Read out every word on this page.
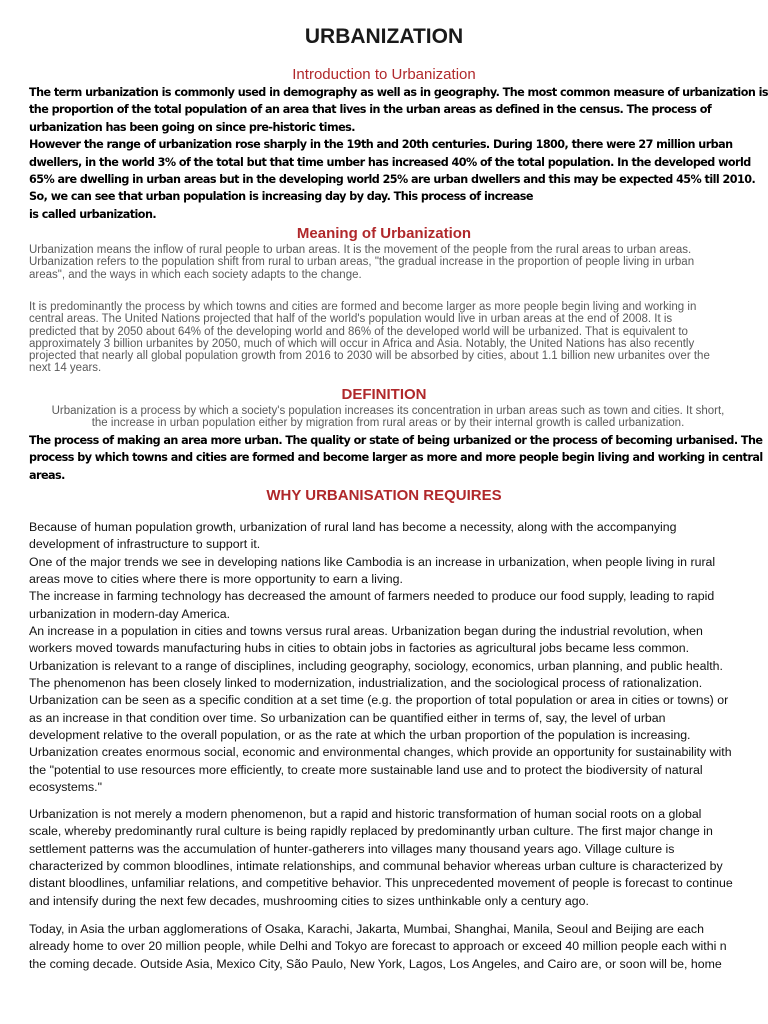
URBANIZATION
Introduction to Urbanization
The term urbanization is commonly used in demography as well as in geography. The most common measure of urbanization is
the proportion of the total population of an area that lives in the urban areas as defined in the census. The process of
urbanization has been going on since pre-historic times.
However the range of urbanization rose sharply in the 19th and 20th centuries. During 1800, there were 27 million urban
dwellers, in the world 3% of the total but that time umber has increased 40% of the total population. In the developed world
65% are dwelling in urban areas but in the developing world 25% are urban dwellers and this may be expected 45% till 2010.
So, we can see that urban population is increasing day by day. This process of increase
is called urbanization.
Meaning of Urbanization
Urbanization means the inflow of rural people to urban areas. It is the movement of the people from the rural areas to urban areas.
Urbanization refers to the population shift from rural to urban areas, "the gradual increase in the proportion of people living in urban
areas", and the ways in which each society adapts to the change.
It is predominantly the process by which towns and cities are formed and become larger as more people begin living and working in
central areas. The United Nations projected that half of the world's population would live in urban areas at the end of 2008. It is
predicted that by 2050 about 64% of the developing world and 86% of the developed world will be urbanized. That is equivalent to
approximately 3 billion urbanites by 2050, much of which will occur in Africa and Asia. Notably, the United Nations has also recently
projected that nearly all global population growth from 2016 to 2030 will be absorbed by cities, about 1.1 billion new urbanites over the
next 14 years.
DEFINITION
Urbanization is a process by which a society's population increases its concentration in urban areas such as town and cities. It short,
the increase in urban population either by migration from rural areas or by their internal growth is called urbanization.
The process of making an area more urban. The quality or state of being urbanized or the process of becoming urbanised. The
process by which towns and cities are formed and become larger as more and more people begin living and working in central
areas.
WHY URBANISATION REQUIRES
Because of human population growth, urbanization of rural land has become a necessity, along with the accompanying
development of infrastructure to support it.
One of the major trends we see in developing nations like Cambodia is an increase in urbanization, when people living in rural
areas move to cities where there is more opportunity to earn a living.
The increase in farming technology has decreased the amount of farmers needed to produce our food supply, leading to rapid
urbanization in modern-day America.
An increase in a population in cities and towns versus rural areas. Urbanization began during the industrial revolution, when
workers moved towards manufacturing hubs in cities to obtain jobs in factories as agricultural jobs became less common.
Urbanization is relevant to a range of disciplines, including geography, sociology, economics, urban planning, and public health.
The phenomenon has been closely linked to modernization, industrialization, and the sociological process of rationalization.
Urbanization can be seen as a specific condition at a set time (e.g. the proportion of total population or area in cities or towns) or
as an increase in that condition over time. So urbanization can be quantified either in terms of, say, the level of urban
development relative to the overall population, or as the rate at which the urban proportion of the population is increasing.
Urbanization creates enormous social, economic and environmental changes, which provide an opportunity for sustainability with
the "potential to use resources more efficiently, to create more sustainable land use and to protect the biodiversity of natural
ecosystems."
Urbanization is not merely a modern phenomenon, but a rapid and historic transformation of human social roots on a global
scale, whereby predominantly rural culture is being rapidly replaced by predominantly urban culture. The first major change in
settlement patterns was the accumulation of hunter-gatherers into villages many thousand years ago. Village culture is
characterized by common bloodlines, intimate relationships, and communal behavior whereas urban culture is characterized by
distant bloodlines, unfamiliar relations, and competitive behavior. This unprecedented movement of people is forecast to continue
and intensify during the next few decades, mushrooming cities to sizes unthinkable only a century ago.
Today, in Asia the urban agglomerations of Osaka, Karachi, Jakarta, Mumbai, Shanghai, Manila, Seoul and Beijing are each
already home to over 20 million people, while Delhi and Tokyo are forecast to approach or exceed 40 million people each withi n
the coming decade. Outside Asia, Mexico City, São Paulo, New York, Lagos, Los Angeles, and Cairo are, or soon will be, home
